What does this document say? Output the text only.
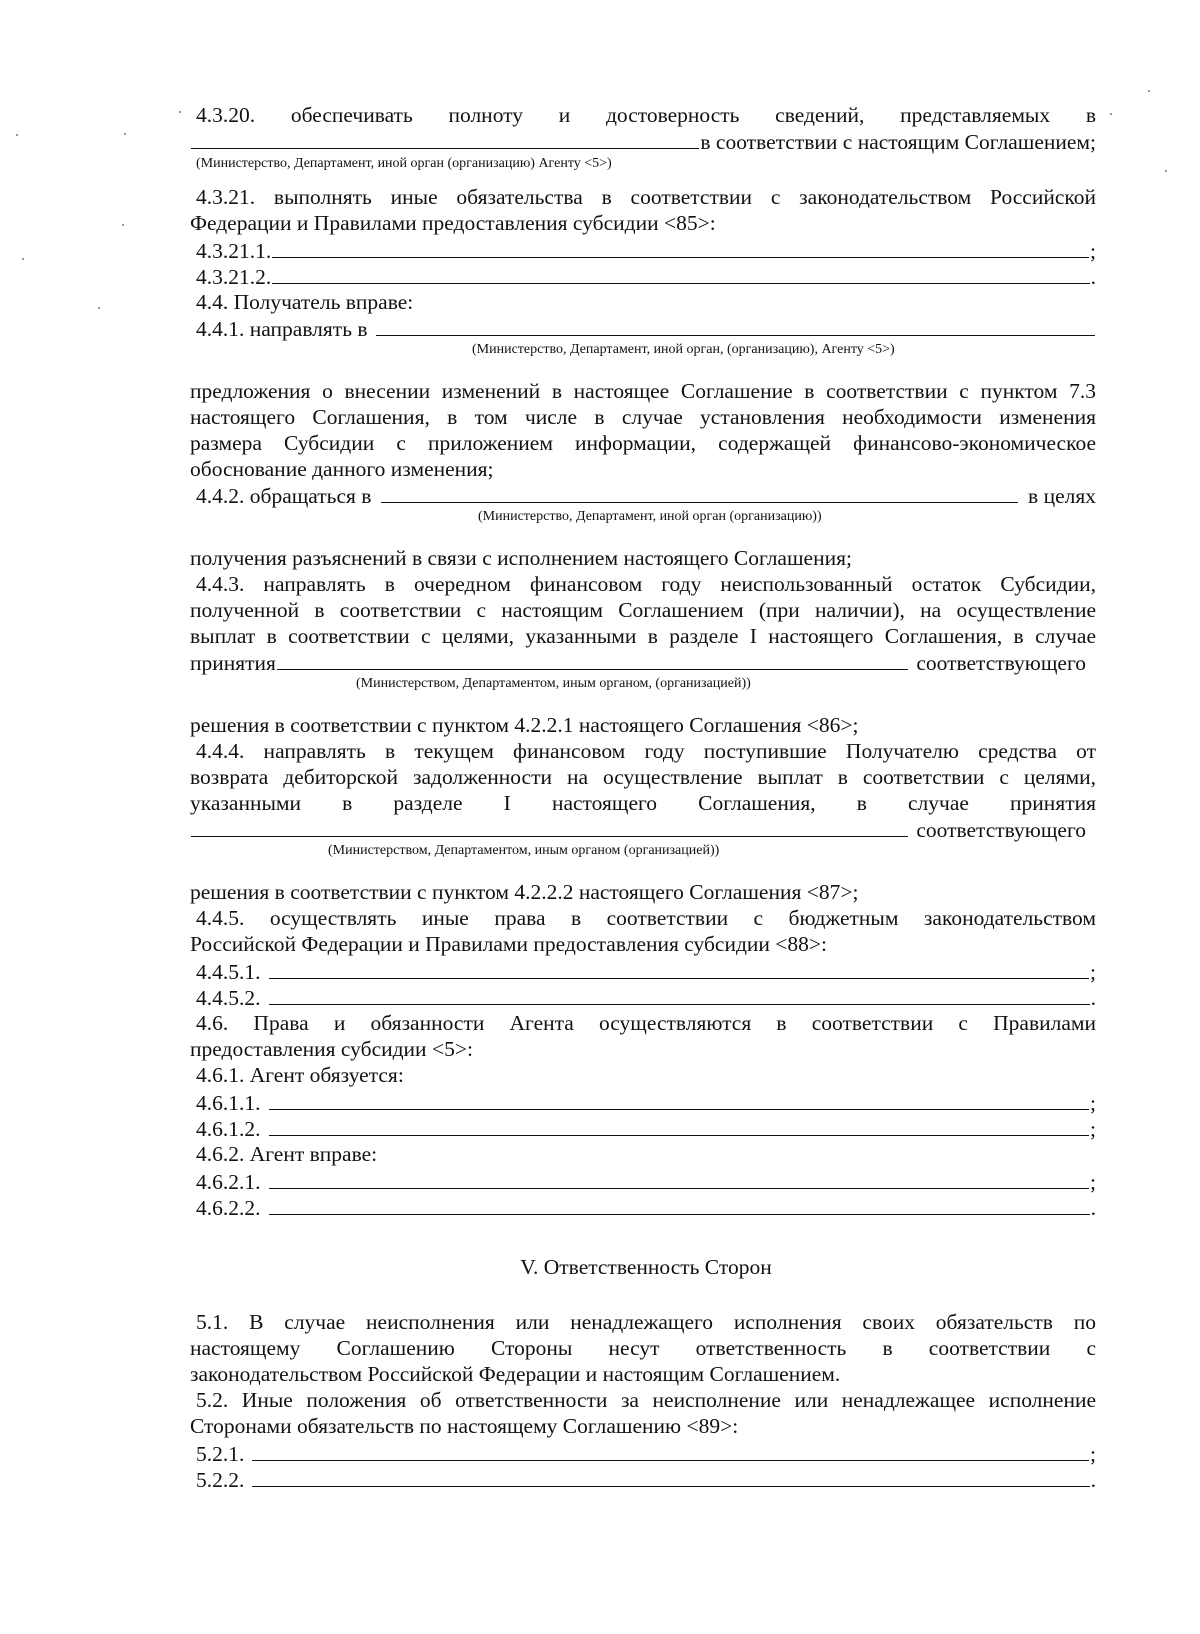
4.3.20. обеспечивать полноту и достоверность сведений, представляемых в
в соответствии с настоящим Соглашением;
(Министерство, Департамент, иной орган (организацию) Агенту <5>)
4.3.21. выполнять иные обязательства в соответствии с законодательством Российской
Федерации и Правилами предоставления субсидии <85>:
4.3.21.1.	;
4.3.21.2.	.
4.4. Получатель вправе:
4.4.1. направлять в
(Министерство, Департамент, иной орган, (организацию), Агенту <5>)
предложения о внесении изменений в настоящее Соглашение в соответствии с пунктом 7.3
настоящего Соглашения, в том числе в случае установления необходимости изменения
размера Субсидии с приложением информации, содержащей финансово-экономическое
обоснование данного изменения;
4.4.2. обращаться в	в целях
(Министерство, Департамент, иной орган (организацию))
получения разъяснений в связи с исполнением настоящего Соглашения;
4.4.3. направлять в очередном финансовом году неиспользованный остаток Субсидии,
полученной в соответствии с настоящим Соглашением (при наличии), на осуществление
выплат в соответствии с целями, указанными в разделе I настоящего Соглашения, в случае
принятия	соответствующего
(Министерством, Департаментом, иным органом, (организацией))
решения в соответствии с пунктом 4.2.2.1 настоящего Соглашения <86>;
4.4.4. направлять в текущем финансовом году поступившие Получателю средства от
возврата дебиторской задолженности на осуществление выплат в соответствии с целями,
указанными в разделе I настоящего Соглашения, в случае принятия
соответствующего
(Министерством, Департаментом, иным органом (организацией))
решения в соответствии с пунктом 4.2.2.2 настоящего Соглашения <87>;
4.4.5. осуществлять иные права в соответствии с бюджетным законодательством
Российской Федерации и Правилами предоставления субсидии <88>:
4.4.5.1.	;
4.4.5.2.	.
4.6. Права и обязанности Агента осуществляются в соответствии с Правилами
предоставления субсидии <5>:
4.6.1. Агент обязуется:
4.6.1.1.	;
4.6.1.2.	;
4.6.2. Агент вправе:
4.6.2.1.	;
4.6.2.2.	.
V. Ответственность Сторон
5.1. В случае неисполнения или ненадлежащего исполнения своих обязательств по
настоящему Соглашению Стороны несут ответственность в соответствии с
законодательством Российской Федерации и настоящим Соглашением.
5.2. Иные положения об ответственности за неисполнение или ненадлежащее исполнение
Сторонами обязательств по настоящему Соглашению <89>:
5.2.1.	;
5.2.2.	.
